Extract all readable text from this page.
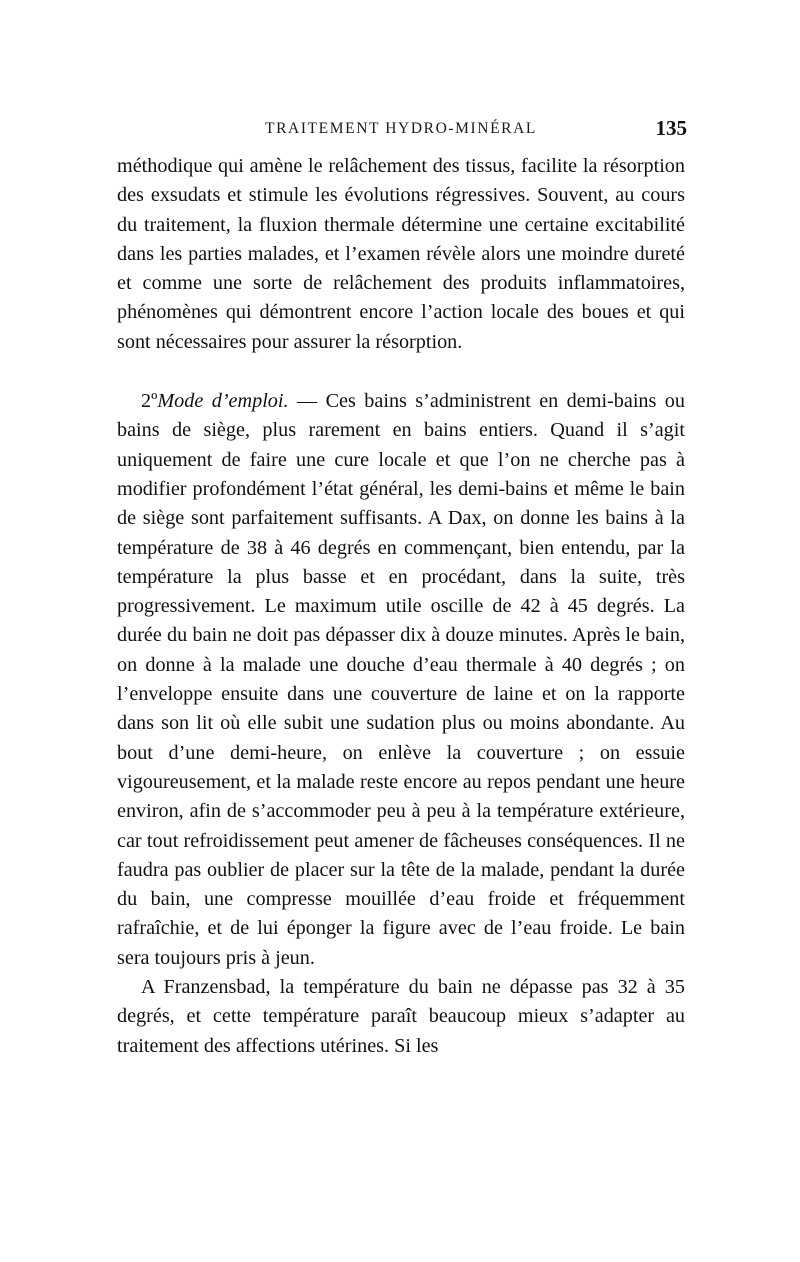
TRAITEMENT HYDRO-MINÉRAL	135

méthodique qui amène le relâchement des tissus, facilite la résorption des exsudats et stimule les évolutions régressives. Souvent, au cours du traitement, la fluxion thermale détermine une certaine excitabilité dans les parties malades, et l’examen révèle alors une moindre dureté et comme une sorte de relâchement des produits inflammatoires, phénomènes qui démontrent encore l’action locale des boues et qui sont nécessaires pour assurer la résorption.

2ºMode d’emploi. — Ces bains s’administrent en demi-bains ou bains de siège, plus rarement en bains entiers. Quand il s’agit uniquement de faire une cure locale et que l’on ne cherche pas à modifier profondément l’état général, les demi-bains et même le bain de siège sont parfaitement suffisants. A Dax, on donne les bains à la température de 38 à 46 degrés en commençant, bien entendu, par la température la plus basse et en procédant, dans la suite, très progressivement. Le maximum utile oscille de 42 à 45 degrés. La durée du bain ne doit pas dépasser dix à douze minutes. Après le bain, on donne à la malade une douche d’eau thermale à 40 degrés ; on l’enveloppe ensuite dans une couverture de laine et on la rapporte dans son lit où elle subit une sudation plus ou moins abondante. Au bout d’une demi-heure, on enlève la couverture ; on essuie vigoureusement, et la malade reste encore au repos pendant une heure environ, afin de s’accommoder peu à peu à la température extérieure, car tout refroidissement peut amener de fâcheuses conséquences. Il ne faudra pas oublier de placer sur la tête de la malade, pendant la durée du bain, une compresse mouillée d’eau froide et fréquemment rafraîchie, et de lui éponger la figure avec de l’eau froide. Le bain sera toujours pris à jeun.

A Franzensbad, la température du bain ne dépasse pas 32 à 35 degrés, et cette température paraît beaucoup mieux s’adapter au traitement des affections utérines. Si les
